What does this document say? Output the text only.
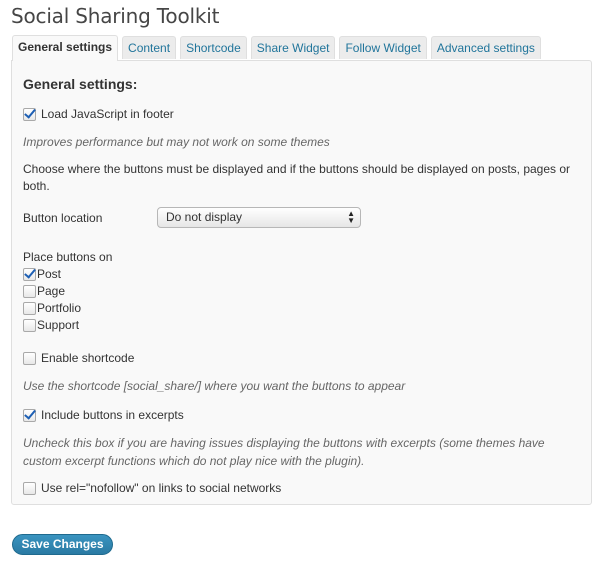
Social Sharing Toolkit
General settings	Content	Shortcode	Share Widget	Follow Widget	Advanced settings
General settings:
Load JavaScript in footer
Improves performance but may not work on some themes
Choose where the buttons must be displayed and if the buttons should be displayed on posts, pages or both.
Button location	Do not display	▲
▼
Place buttons on
Post
Page
Portfolio
Support
Enable shortcode
Use the shortcode [social_share/] where you want the buttons to appear
Include buttons in excerpts
Uncheck this box if you are having issues displaying the buttons with excerpts (some themes have custom excerpt functions which do not play nice with the plugin).
Use rel="nofollow" on links to social networks
Save Changes
